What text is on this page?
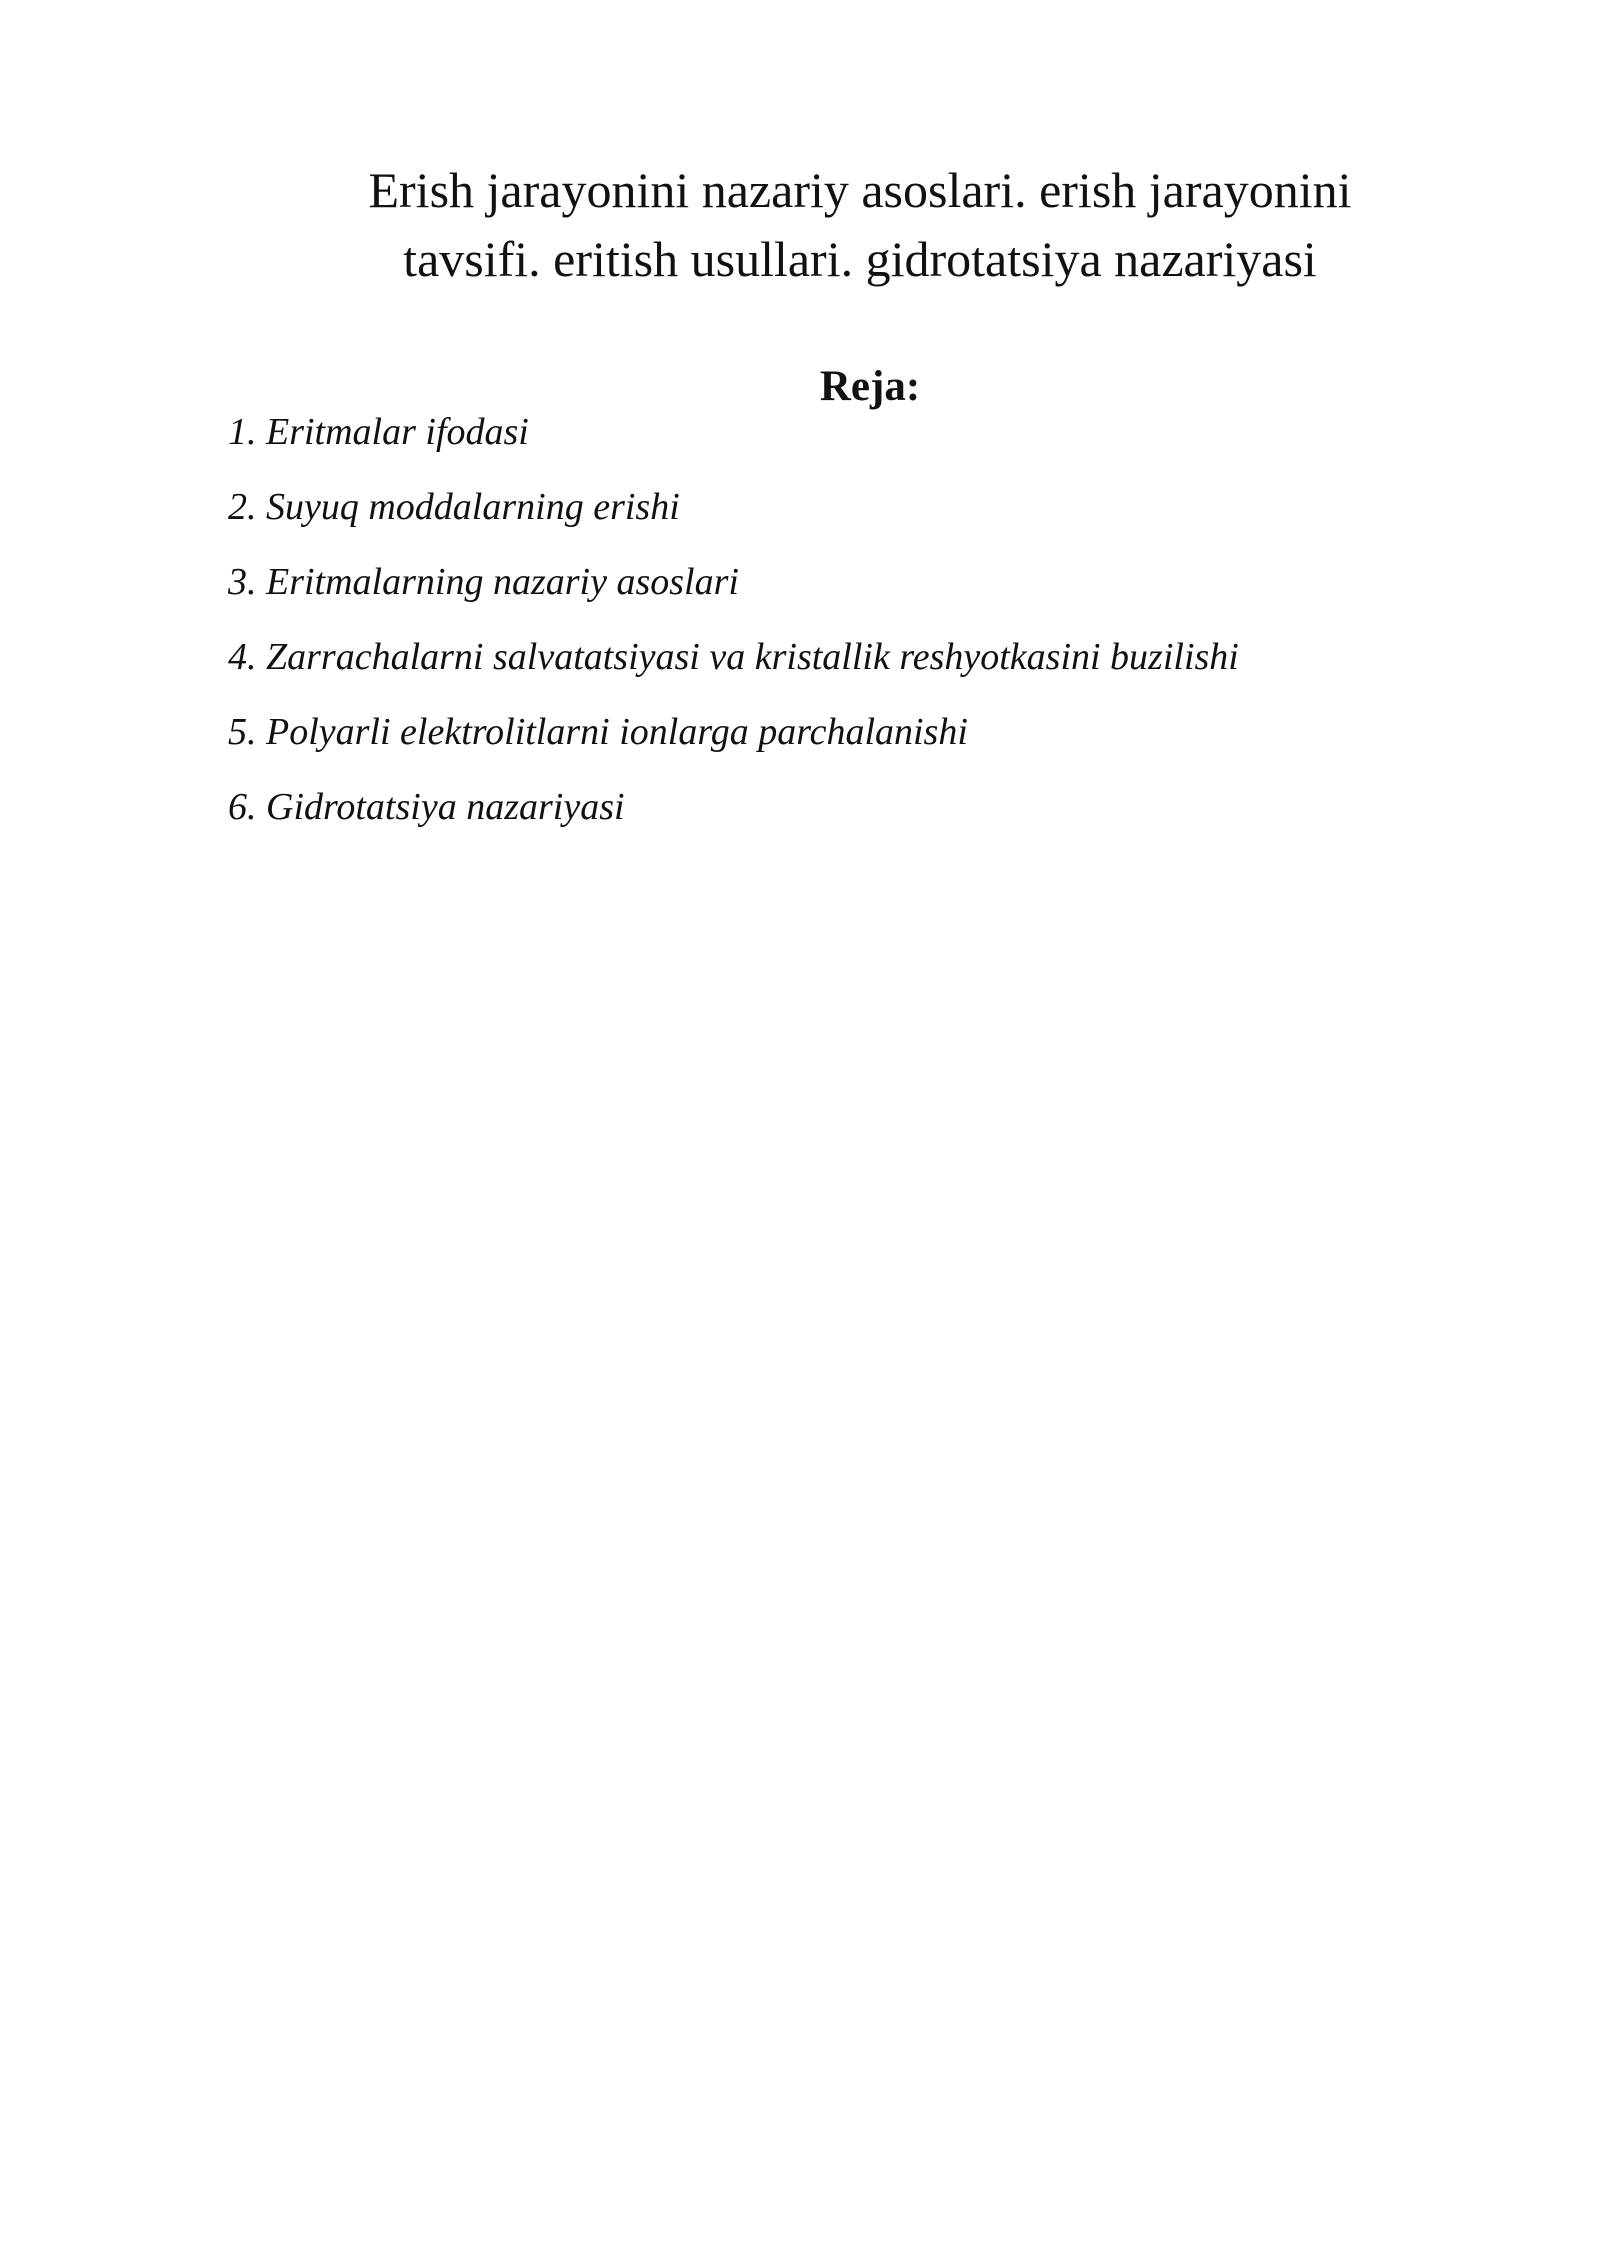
Erish jarayonini nazariy asoslari. erish jarayonini
tavsifi. eritish usullari. gidrotatsiya nazariyasi
Reja:
1. Eritmalar ifodasi
2. Suyuq moddalarning erishi
3. Eritmalarning nazariy asoslari
4. Zarrachalarni salvatatsiyasi va kristallik reshyotkasini buzilishi
5. Polyarli elektrolitlarni ionlarga parchalanishi
6. Gidrotatsiya nazariyasi
